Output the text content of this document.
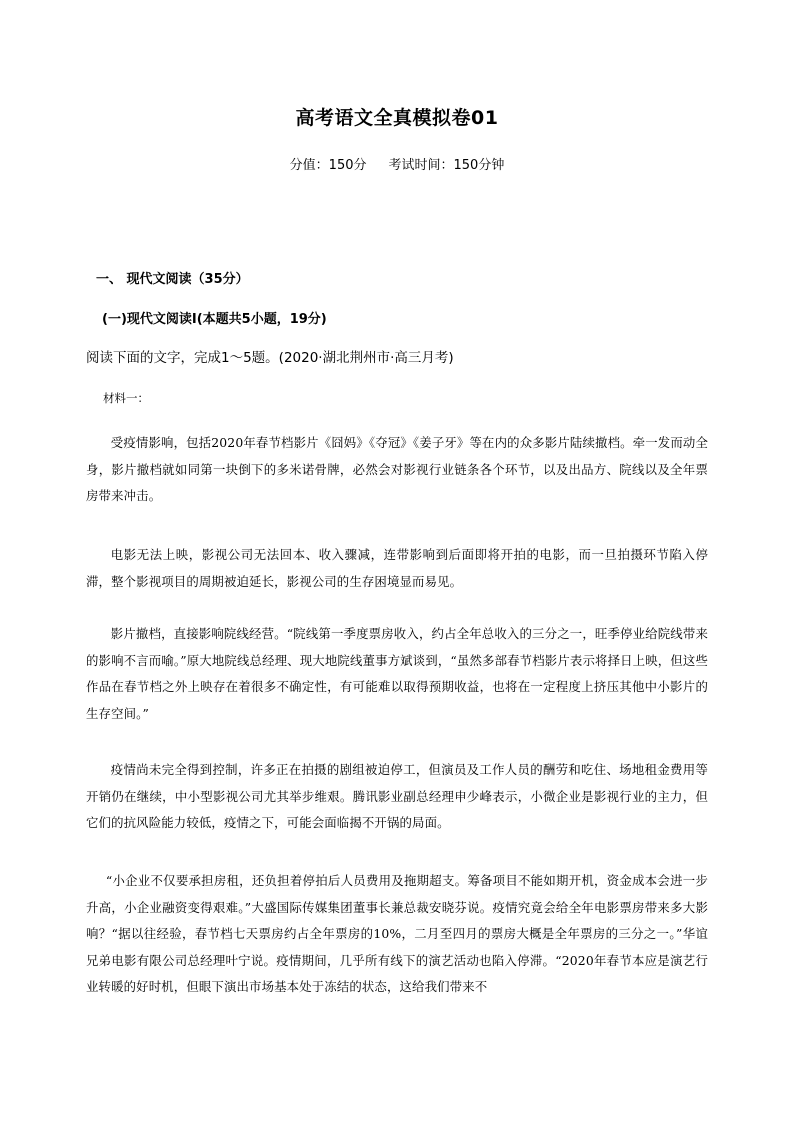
高考语文全真模拟卷01
分值：150分 考试时间：150分钟
一、 现代文阅读（35分）
(一)现代文阅读Ⅰ(本题共5小题，19分)
阅读下面的文字，完成1～5题。(2020·湖北荆州市·高三月考)
材料一：

受疫情影响，包括2020年春节档影片《囧妈》《夺冠》《姜子牙》等在内的众多影片陆续撤档。牵一发而动全身，影片撤档就如同第一块倒下的多米诺骨牌，必然会对影视行业链条各个环节，以及出品方、院线以及全年票房带来冲击。

电影无法上映，影视公司无法回本、收入骤减，连带影响到后面即将开拍的电影，而一旦拍摄环节陷入停滞，整个影视项目的周期被迫延长，影视公司的生存困境显而易见。

影片撤档，直接影响院线经营。“院线第一季度票房收入，约占全年总收入的三分之一，旺季停业给院线带来的影响不言而喻。”原大地院线总经理、现大地院线董事方斌谈到，“虽然多部春节档影片表示将择日上映，但这些作品在春节档之外上映存在着很多不确定性，有可能难以取得预期收益，也将在一定程度上挤压其他中小影片的生存空间。”

疫情尚未完全得到控制，许多正在拍摄的剧组被迫停工，但演员及工作人员的酬劳和吃住、场地租金费用等开销仍在继续，中小型影视公司尤其举步维艰。腾讯影业副总经理申少峰表示，小微企业是影视行业的主力，但它们的抗风险能力较低，疫情之下，可能会面临揭不开锅的局面。

“小企业不仅要承担房租，还负担着停拍后人员费用及拖期超支。筹备项目不能如期开机，资金成本会进一步升高，小企业融资变得艰难。”大盛国际传媒集团董事长兼总裁安晓芬说。疫情究竟会给全年电影票房带来多大影响？“据以往经验，春节档七天票房约占全年票房的10%，二月至四月的票房大概是全年票房的三分之一。”华谊兄弟电影有限公司总经理叶宁说。疫情期间，几乎所有线下的演艺活动也陷入停滞。“2020年春节本应是演艺行业转暖的好时机，但眼下演出市场基本处于冻结的状态，这给我们带来不
